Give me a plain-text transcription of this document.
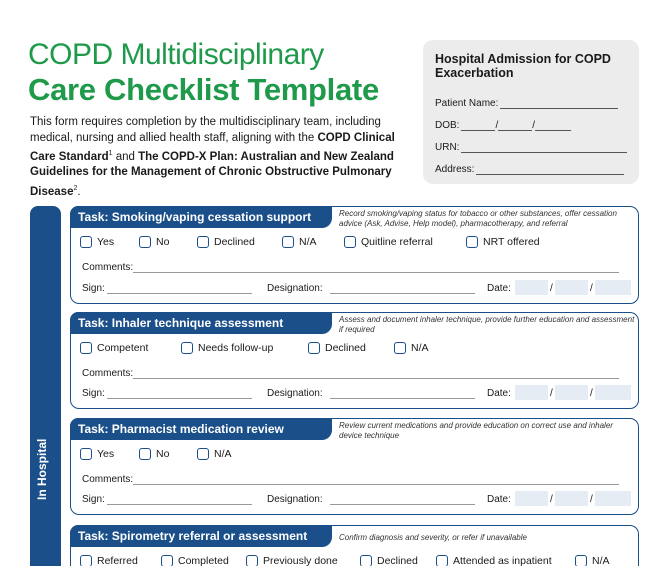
COPD Multidisciplinary
Care Checklist Template
This form requires completion by the multidisciplinary team, including medical, nursing and allied health staff, aligning with the COPD Clinical Care Standard$^1$ and The COPD-X Plan: Australian and New Zealand Guidelines for the Management of Chronic Obstructive Pulmonary Disease$^2$.
Hospital Admission for COPD Exacerbation
Patient Name:
DOB:	/	/
URN:
Address:
In Hospital
Task: Smoking/vaping cessation support	Record smoking/vaping status for tobacco or other substances, offer cessation advice (Ask, Advise, Help model), pharmacotherapy, and referral
Yes	No	Declined	N/A	Quitline referral	NRT offered
Comments:
Sign:	Designation:	Date:	/	/
Task: Inhaler technique assessment	Assess and document inhaler technique, provide further education and assessment if required
Competent	Needs follow-up	Declined	N/A
Comments:
Sign:	Designation:	Date:	/	/
Task: Pharmacist medication review	Review current medications and provide education on correct use and inhaler device technique
Yes	No	N/A
Comments:
Sign:	Designation:	Date:	/	/
Task: Spirometry referral or assessment	Confirm diagnosis and severity, or refer if unavailable
Referred	Completed	Previously done	Declined	Attended as inpatient	N/A
